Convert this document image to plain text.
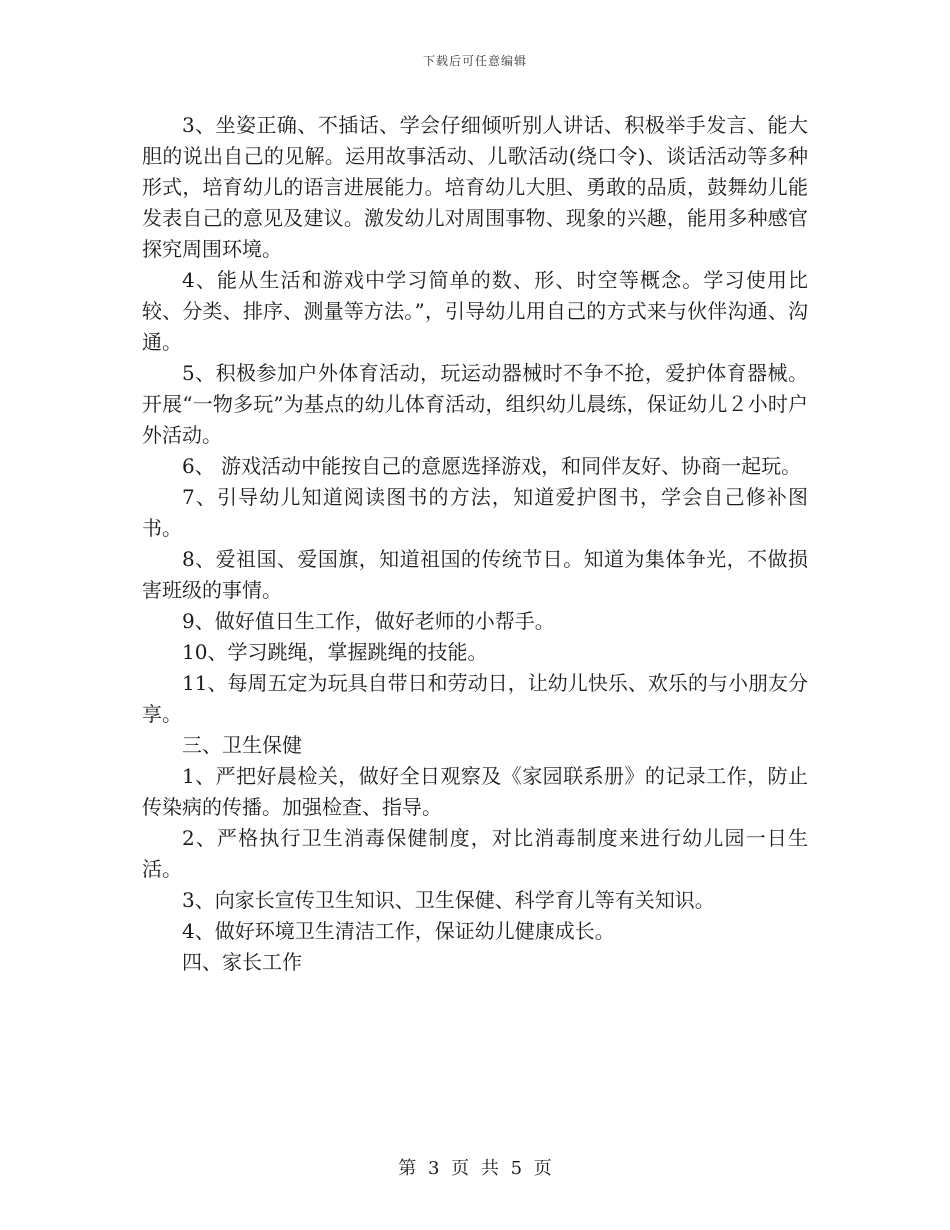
下载后可任意编辑

3、坐姿正确、不插话、学会仔细倾听别人讲话、积极举手发言、能大胆的说出自己的见解。运用故事活动、儿歌活动(绕口令)、谈话活动等多种形式，培育幼儿的语言进展能力。培育幼儿大胆、勇敢的品质，鼓舞幼儿能发表自己的意见及建议。激发幼儿对周围事物、现象的兴趣，能用多种感官探究周围环境。

4、能从生活和游戏中学习简单的数、形、时空等概念。学习使用比较、分类、排序、测量等方法。”，引导幼儿用自己的方式来与伙伴沟通、沟通。

5、积极参加户外体育活动，玩运动器械时不争不抢，爱护体育器械。开展“一物多玩”为基点的幼儿体育活动，组织幼儿晨练，保证幼儿２小时户外活动。

6、 游戏活动中能按自己的意愿选择游戏，和同伴友好、协商一起玩。

7、引导幼儿知道阅读图书的方法，知道爱护图书，学会自己修补图书。

8、爱祖国、爱国旗，知道祖国的传统节日。知道为集体争光，不做损害班级的事情。

9、做好值日生工作，做好老师的小帮手。

10、学习跳绳，掌握跳绳的技能。

11、每周五定为玩具自带日和劳动日，让幼儿快乐、欢乐的与小朋友分享。

三、卫生保健

1、严把好晨检关，做好全日观察及《家园联系册》的记录工作，防止传染病的传播。加强检查、指导。

2、严格执行卫生消毒保健制度，对比消毒制度来进行幼儿园一日生活。

3、向家长宣传卫生知识、卫生保健、科学育儿等有关知识。

4、做好环境卫生清洁工作，保证幼儿健康成长。

四、家长工作

第 3 页 共 5 页
